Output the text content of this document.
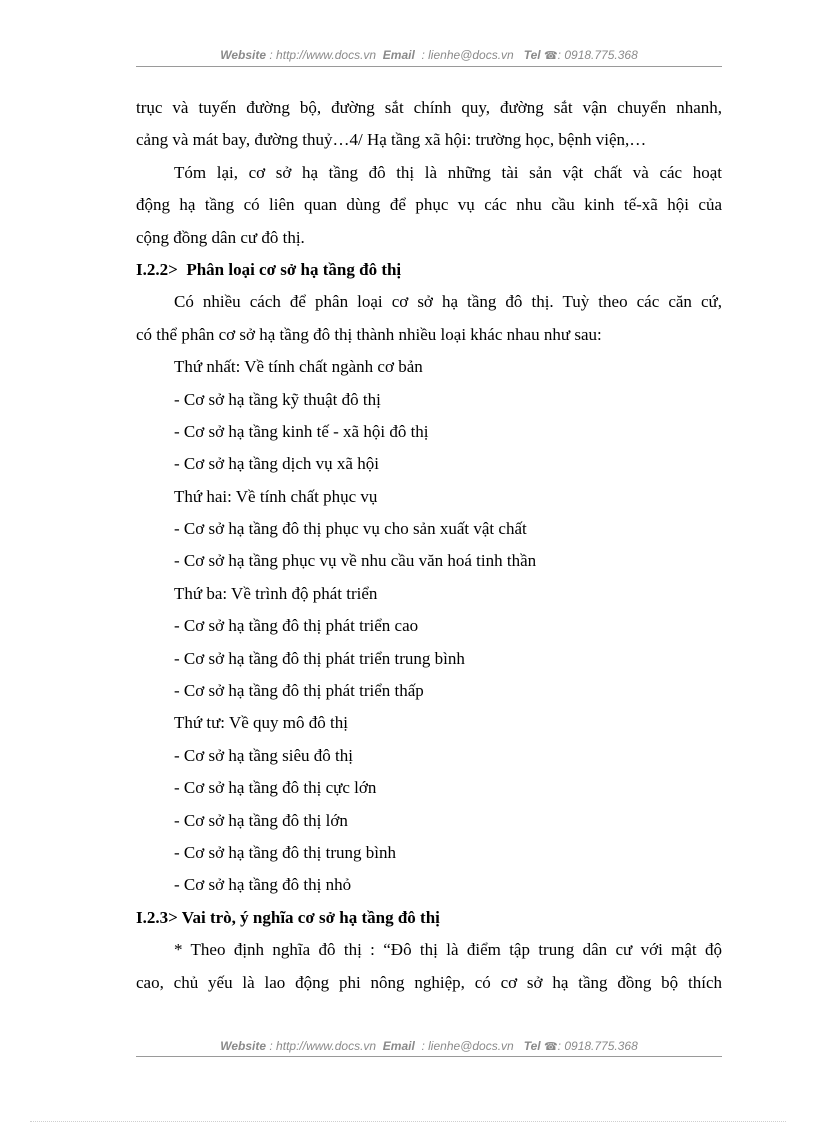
Website : http://www.docs.vn Email : lienhe@docs.vn Tel ☎: 0918.775.368
trục và tuyến đường bộ, đường sắt chính quy, đường sắt vận chuyển nhanh,
cảng và mát bay, đường thuỷ…4/ Hạ tầng xã hội: trường học, bệnh viện,…
Tóm lại, cơ sở hạ tầng đô thị là những tài sản vật chất và các hoạt
động hạ tầng có liên quan dùng để phục vụ các nhu cầu kinh tế-xã hội của
cộng đồng dân cư đô thị.
I.2.2> Phân loại cơ sở hạ tầng đô thị
Có nhiều cách để phân loại cơ sở hạ tầng đô thị. Tuỳ theo các căn cứ,
có thể phân cơ sở hạ tầng đô thị thành nhiều loại khác nhau như sau:
Thứ nhất: Về tính chất ngành cơ bản
- Cơ sở hạ tầng kỹ thuật đô thị
- Cơ sở hạ tầng kinh tế - xã hội đô thị
- Cơ sở hạ tầng dịch vụ xã hội
Thứ hai: Về tính chất phục vụ
- Cơ sở hạ tầng đô thị phục vụ cho sản xuất vật chất
- Cơ sở hạ tầng phục vụ về nhu cầu văn hoá tinh thần
Thứ ba: Về trình độ phát triển
- Cơ sở hạ tầng đô thị phát triển cao
- Cơ sở hạ tầng đô thị phát triển trung bình
- Cơ sở hạ tầng đô thị phát triển thấp
Thứ tư: Về quy mô đô thị
- Cơ sở hạ tầng siêu đô thị
- Cơ sở hạ tầng đô thị cực lớn
- Cơ sở hạ tầng đô thị lớn
- Cơ sở hạ tầng đô thị trung bình
- Cơ sở hạ tầng đô thị nhỏ
I.2.3> Vai trò, ý nghĩa cơ sở hạ tầng đô thị
* Theo định nghĩa đô thị : “Đô thị là điểm tập trung dân cư với mật độ
cao, chủ yếu là lao động phi nông nghiệp, có cơ sở hạ tầng đồng bộ thích
Website : http://www.docs.vn Email : lienhe@docs.vn Tel ☎: 0918.775.368
